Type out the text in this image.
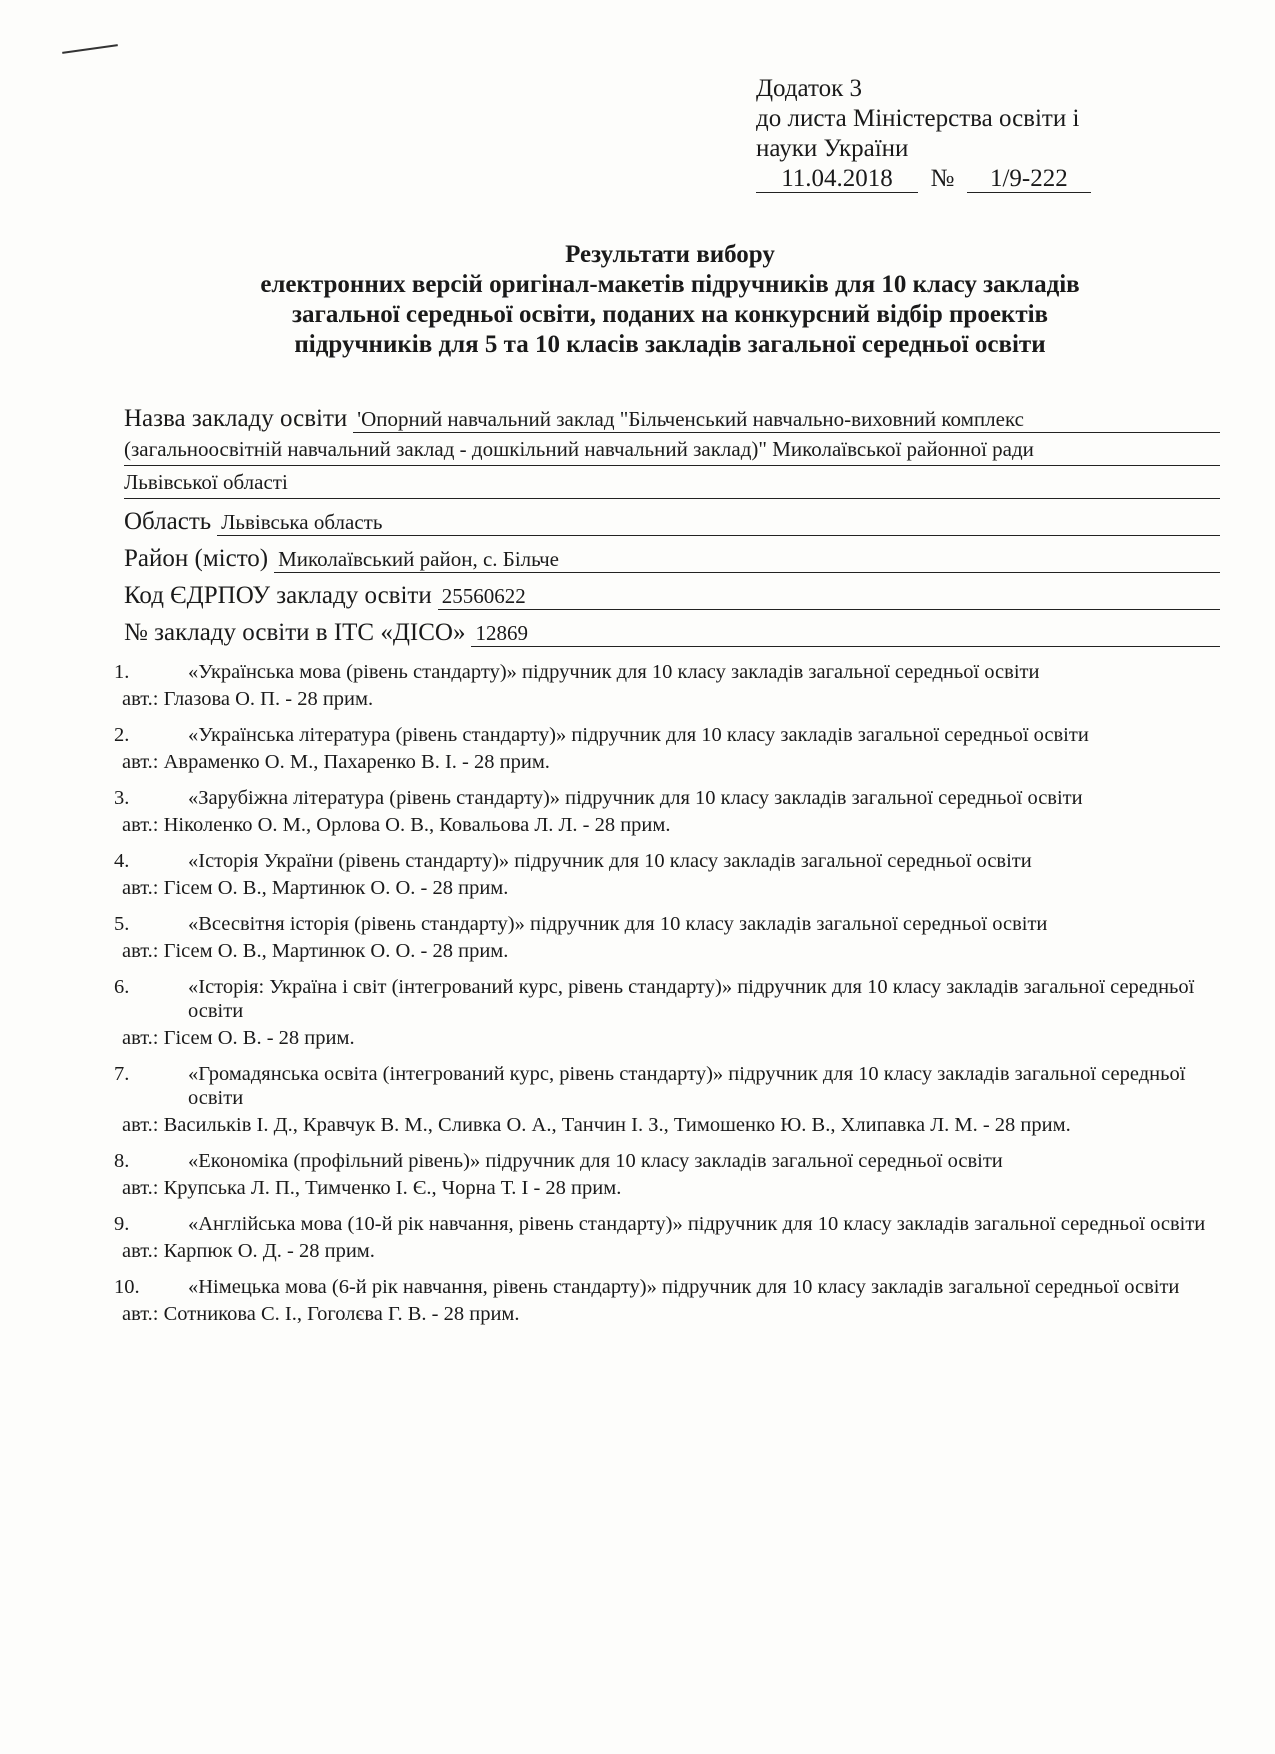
Додаток 3
до листа Міністерства освіти і
науки України
11.04.2018 № 1/9-222
Результати вибору
електронних версій оригінал-макетів підручників для 10 класу закладів
загальної середньої освіти, поданих на конкурсний відбір проектів
підручників для 5 та 10 класів закладів загальної середньої освіти
Назва закладу освіти 'Опорний навчальний заклад "Більченський навчально-виховний комплекс
(загальноосвітній навчальний заклад - дошкільний навчальний заклад)" Миколаївської районної ради
Львівської області
Область Львівська область
Район (місто) Миколаївський район, с. Більче
Код ЄДРПОУ закладу освіти 25560622
№ закладу освіти в ІТС «ДІСО» 12869
1.	«Українська мова (рівень стандарту)» підручник для 10 класу закладів загальної середньої освіти
авт.: Глазова О. П. - 28 прим.
2.	«Українська література (рівень стандарту)» підручник для 10 класу закладів загальної середньої освіти
авт.: Авраменко О. М., Пахаренко В. І. - 28 прим.
3.	«Зарубіжна література (рівень стандарту)» підручник для 10 класу закладів загальної середньої освіти
авт.: Ніколенко О. М., Орлова О. В., Ковальова Л. Л. - 28 прим.
4.	«Історія України (рівень стандарту)» підручник для 10 класу закладів загальної середньої освіти
авт.: Гісем О. В., Мартинюк О. О. - 28 прим.
5.	«Всесвітня історія (рівень стандарту)» підручник для 10 класу закладів загальної середньої освіти
авт.: Гісем О. В., Мартинюк О. О. - 28 прим.
6.	«Історія: Україна і світ (інтегрований курс, рівень стандарту)» підручник для 10 класу закладів загальної середньої освіти
авт.: Гісем О. В. - 28 прим.
7.	«Громадянська освіта (інтегрований курс, рівень стандарту)» підручник для 10 класу закладів загальної середньої освіти
авт.: Васильків І. Д., Кравчук В. М., Сливка О. А., Танчин І. З., Тимошенко Ю. В., Хлипавка Л. М. - 28 прим.
8.	«Економіка (профільний рівень)» підручник для 10 класу закладів загальної середньої освіти
авт.: Крупська Л. П., Тимченко І. Є., Чорна Т. І - 28 прим.
9.	«Англійська мова (10-й рік навчання, рівень стандарту)» підручник для 10 класу закладів загальної середньої освіти
авт.: Карпюк О. Д. - 28 прим.
10.	«Німецька мова (6-й рік навчання, рівень стандарту)» підручник для 10 класу закладів загальної середньої освіти
авт.: Сотникова С. І., Гоголєва Г. В. - 28 прим.
